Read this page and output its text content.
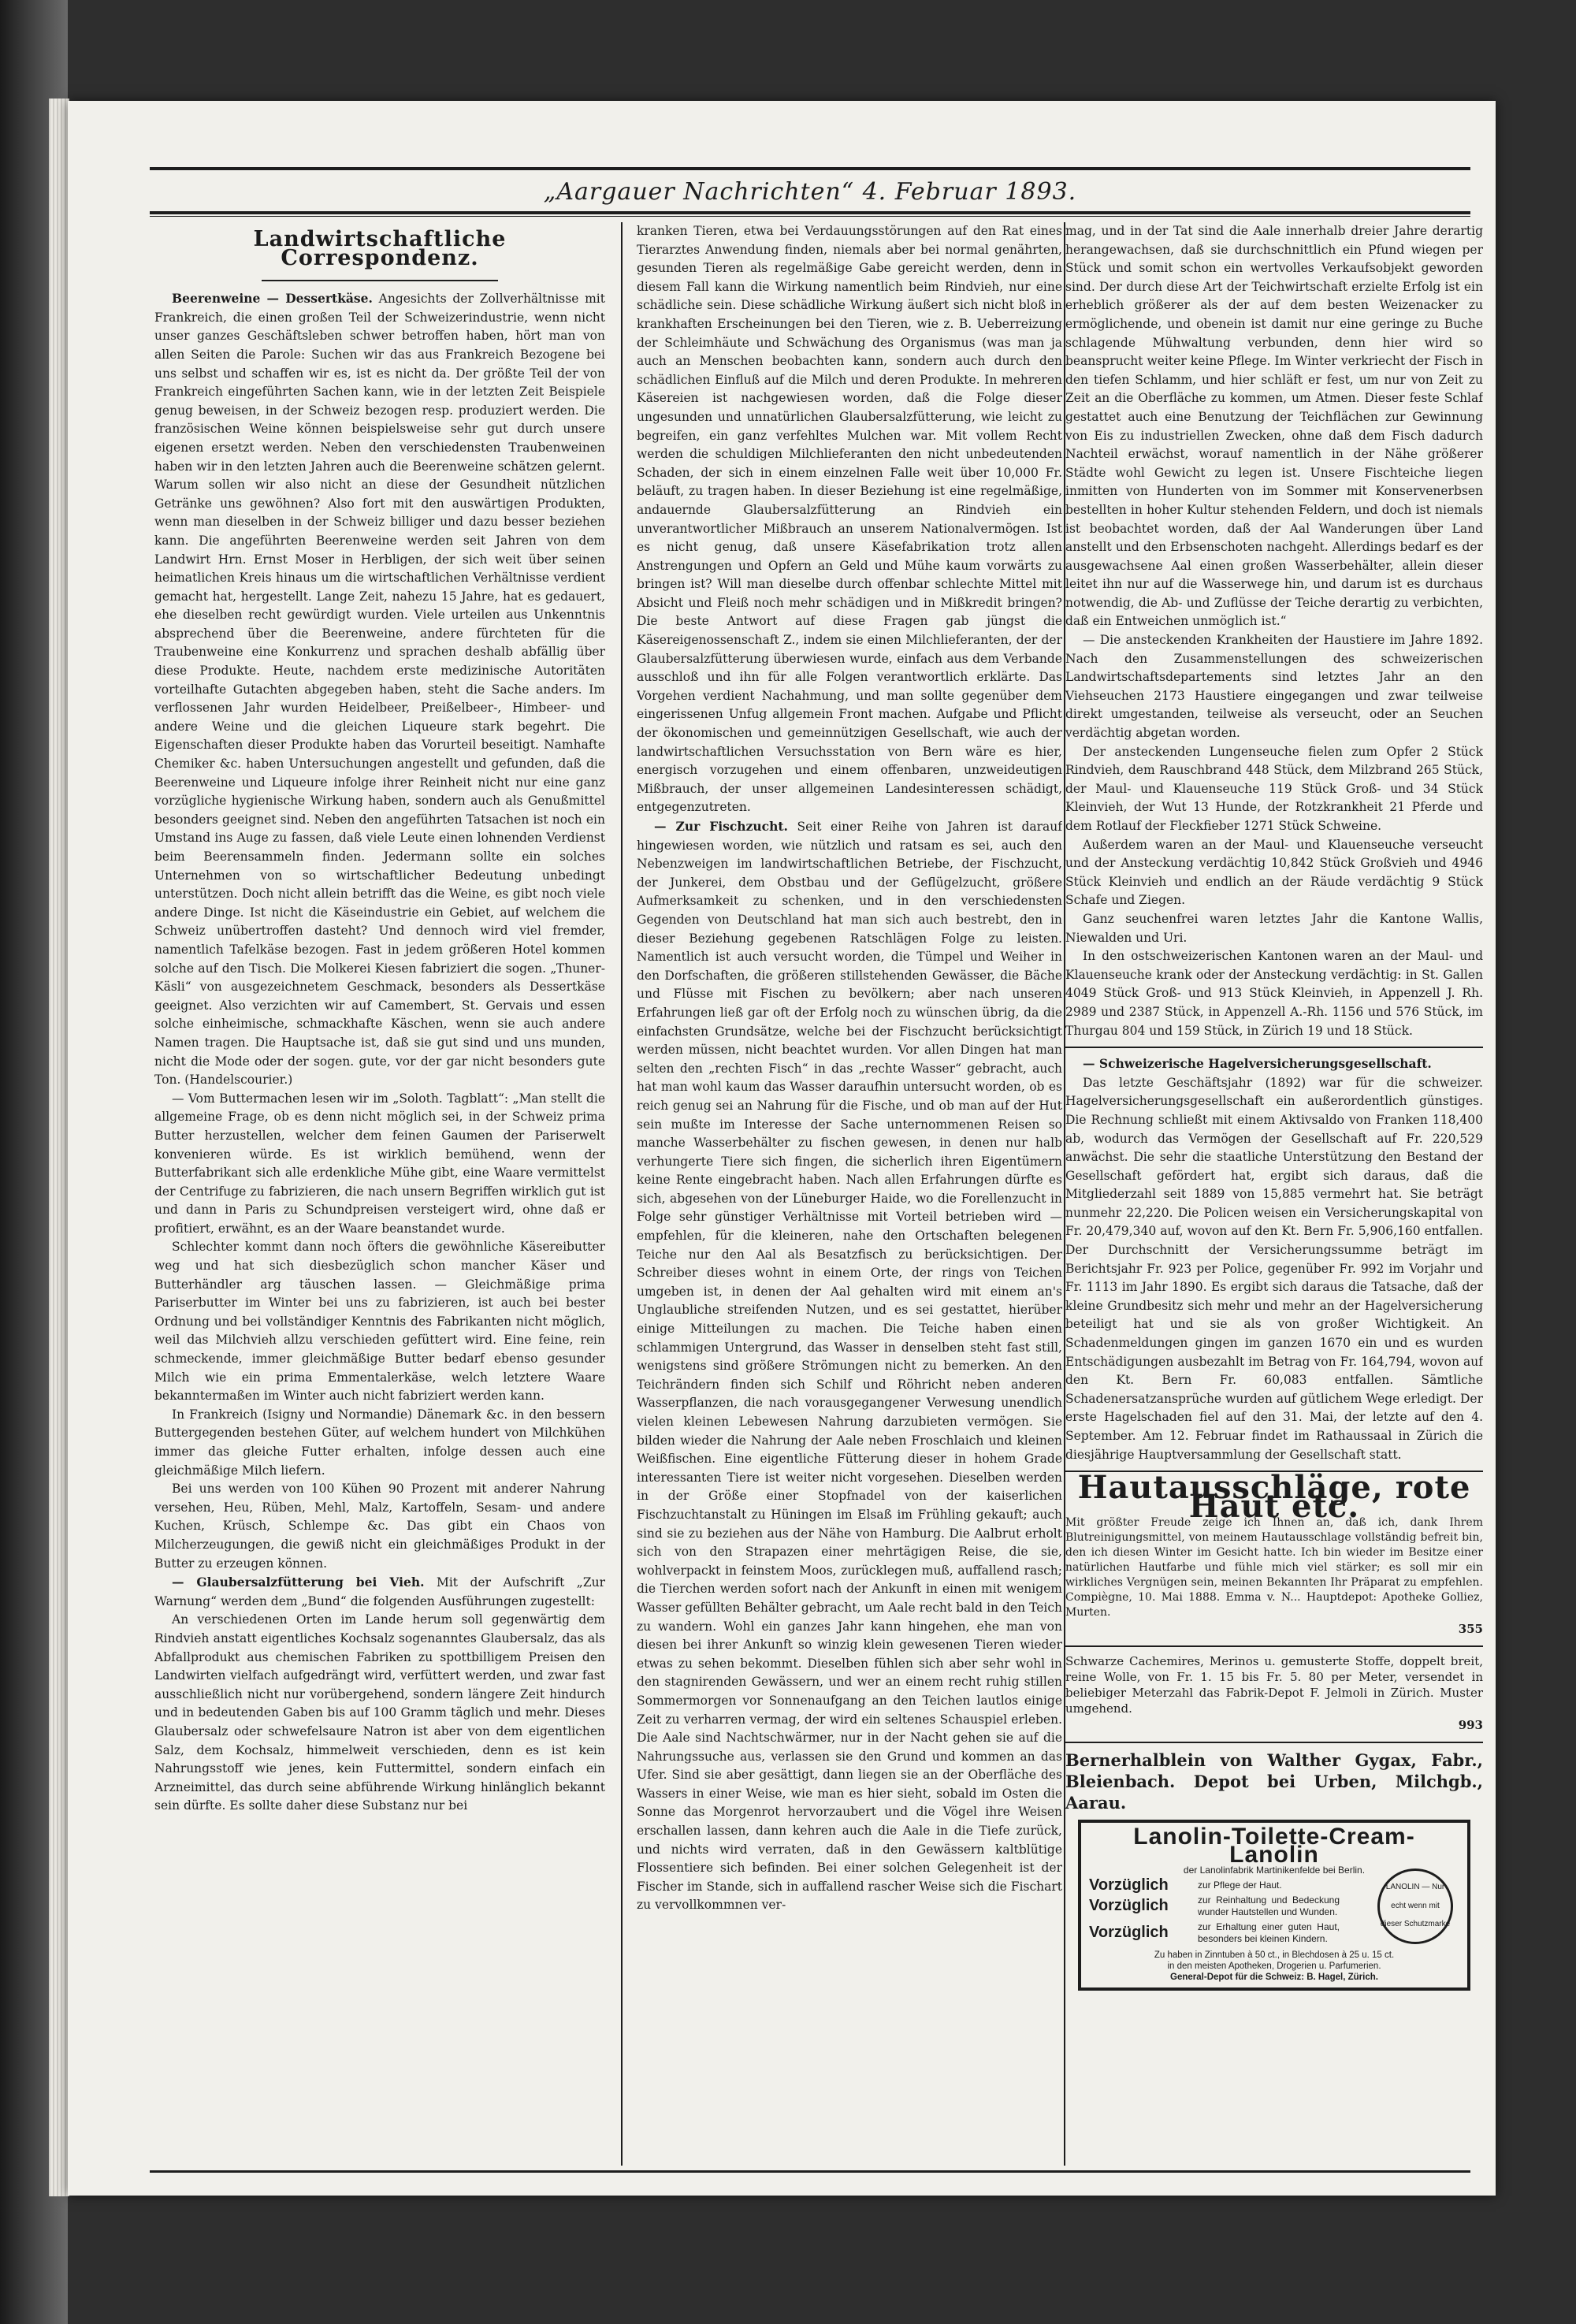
„Aargauer Nachrichten“ 4. Februar 1893.

Landwirtschaftliche Correspondenz.

Beerenweine — Dessertkäse. Angesichts der Zollverhältnisse mit Frankreich, die einen großen Teil der Schweizerindustrie, wenn nicht unser ganzes Geschäftsleben schwer betroffen haben, hört man von allen Seiten die Parole: Suchen wir das aus Frankreich Bezogene bei uns selbst und schaffen wir es, ist es nicht da. Der größte Teil der von Frankreich eingeführten Sachen kann, wie in der letzten Zeit Beispiele genug beweisen, in der Schweiz bezogen resp. produziert werden. Die französischen Weine können beispielsweise sehr gut durch unsere eigenen ersetzt werden. Neben den verschiedensten Traubenweinen haben wir in den letzten Jahren auch die Beerenweine schätzen gelernt. Warum sollen wir also nicht an diese der Gesundheit nützlichen Getränke uns gewöhnen? Also fort mit den auswärtigen Produkten, wenn man dieselben in der Schweiz billiger und dazu besser beziehen kann. Die angeführten Beerenweine werden seit Jahren von dem Landwirt Hrn. Ernst Moser in Herbligen, der sich weit über seinen heimatlichen Kreis hinaus um die wirtschaftlichen Verhältnisse verdient gemacht hat, hergestellt. Lange Zeit, nahezu 15 Jahre, hat es gedauert, ehe dieselben recht gewürdigt wurden. Viele urteilen aus Unkenntnis absprechend über die Beerenweine, andere fürchteten für die Traubenweine eine Konkurrenz und sprachen deshalb abfällig über diese Produkte. Heute, nachdem erste medizinische Autoritäten vorteilhafte Gutachten abgegeben haben, steht die Sache anders. Im verflossenen Jahr wurden Heidelbeer, Preißelbeer-, Himbeer- und andere Weine und die gleichen Liqueure stark begehrt. Die Eigenschaften dieser Produkte haben das Vorurteil beseitigt. Namhafte Chemiker &c. haben Untersuchungen angestellt und gefunden, daß die Beerenweine und Liqueure infolge ihrer Reinheit nicht nur eine ganz vorzügliche hygienische Wirkung haben, sondern auch als Genußmittel besonders geeignet sind. Neben den angeführten Tatsachen ist noch ein Umstand ins Auge zu fassen, daß viele Leute einen lohnenden Verdienst beim Beerensammeln finden. Jedermann sollte ein solches Unternehmen von so wirtschaftlicher Bedeutung unbedingt unterstützen. Doch nicht allein betrifft das die Weine, es gibt noch viele andere Dinge. Ist nicht die Käseindustrie ein Gebiet, auf welchem die Schweiz unübertroffen dasteht? Und dennoch wird viel fremder, namentlich Tafelkäse bezogen. Fast in jedem größeren Hotel kommen solche auf den Tisch. Die Molkerei Kiesen fabriziert die sogen. „Thuner-Käsli“ von ausgezeichnetem Geschmack, besonders als Dessertkäse geeignet. Also verzichten wir auf Camembert, St. Gervais und essen solche einheimische, schmackhafte Käschen, wenn sie auch andere Namen tragen. Die Hauptsache ist, daß sie gut sind und uns munden, nicht die Mode oder der sogen. gute, vor der gar nicht besonders gute Ton. (Handelscourier.)

— Vom Buttermachen lesen wir im „Soloth. Tagblatt“: „Man stellt die allgemeine Frage, ob es denn nicht möglich sei, in der Schweiz prima Butter herzustellen, welcher dem feinen Gaumen der Pariserwelt konvenieren würde. Es ist wirklich bemühend, wenn der Butterfabrikant sich alle erdenkliche Mühe gibt, eine Waare vermittelst der Centrifuge zu fabrizieren, die nach unsern Begriffen wirklich gut ist und dann in Paris zu Schundpreisen versteigert wird, ohne daß er profitiert, erwähnt, es an der Waare beanstandet wurde.

Schlechter kommt dann noch öfters die gewöhnliche Käsereibutter weg und hat sich diesbezüglich schon mancher Käser und Butterhändler arg täuschen lassen. — Gleichmäßige prima Pariserbutter im Winter bei uns zu fabrizieren, ist auch bei bester Ordnung und bei vollständiger Kenntnis des Fabrikanten nicht möglich, weil das Milchvieh allzu verschieden gefüttert wird. Eine feine, rein schmeckende, immer gleichmäßige Butter bedarf ebenso gesunder Milch wie ein prima Emmentalerkäse, welch letztere Waare bekanntermaßen im Winter auch nicht fabriziert werden kann.

In Frankreich (Isigny und Normandie) Dänemark &c. in den bessern Buttergegenden bestehen Güter, auf welchem hundert von Milchkühen immer das gleiche Futter erhalten, infolge dessen auch eine gleichmäßige Milch liefern.

Bei uns werden von 100 Kühen 90 Prozent mit anderer Nahrung versehen, Heu, Rüben, Mehl, Malz, Kartoffeln, Sesam- und andere Kuchen, Krüsch, Schlempe &c. Das gibt ein Chaos von Milcherzeugungen, die gewiß nicht ein gleichmäßiges Produkt in der Butter zu erzeugen können.

— Glaubersalzfütterung bei Vieh. Mit der Aufschrift „Zur Warnung“ werden dem „Bund“ die folgenden Ausführungen zugestellt:

An verschiedenen Orten im Lande herum soll gegenwärtig dem Rindvieh anstatt eigentliches Kochsalz sogenanntes Glaubersalz, das als Abfallprodukt aus chemischen Fabriken zu spottbilligem Preisen den Landwirten vielfach aufgedrängt wird, verfüttert werden, und zwar fast ausschließlich nicht nur vorübergehend, sondern längere Zeit hindurch und in bedeutenden Gaben bis auf 100 Gramm täglich und mehr. Dieses Glaubersalz oder schwefelsaure Natron ist aber von dem eigentlichen Salz, dem Kochsalz, himmelweit verschieden, denn es ist kein Nahrungsstoff wie jenes, kein Futtermittel, sondern einfach ein Arzneimittel, das durch seine abführende Wirkung hinlänglich bekannt sein dürfte. Es sollte daher diese Substanz nur bei

kranken Tieren, etwa bei Verdauungsstörungen auf den Rat eines Tierarztes Anwendung finden, niemals aber bei normal genährten, gesunden Tieren als regelmäßige Gabe gereicht werden, denn in diesem Fall kann die Wirkung namentlich beim Rindvieh, nur eine schädliche sein. Diese schädliche Wirkung äußert sich nicht bloß in krankhaften Erscheinungen bei den Tieren, wie z. B. Ueberreizung der Schleimhäute und Schwächung des Organismus (was man ja auch an Menschen beobachten kann, sondern auch durch den schädlichen Einfluß auf die Milch und deren Produkte. In mehreren Käsereien ist nachgewiesen worden, daß die Folge dieser ungesunden und unnatürlichen Glaubersalzfütterung, wie leicht zu begreifen, ein ganz verfehltes Mulchen war. Mit vollem Recht werden die schuldigen Milchlieferanten den nicht unbedeutenden Schaden, der sich in einem einzelnen Falle weit über 10,000 Fr. beläuft, zu tragen haben. In dieser Beziehung ist eine regelmäßige, andauernde Glaubersalzfütterung an Rindvieh ein unverantwortlicher Mißbrauch an unserem Nationalvermögen. Ist es nicht genug, daß unsere Käsefabrikation trotz allen Anstrengungen und Opfern an Geld und Mühe kaum vorwärts zu bringen ist? Will man dieselbe durch offenbar schlechte Mittel mit Absicht und Fleiß noch mehr schädigen und in Mißkredit bringen? Die beste Antwort auf diese Fragen gab jüngst die Käsereigenossenschaft Z., indem sie einen Milchlieferanten, der der Glaubersalzfütterung überwiesen wurde, einfach aus dem Verbande ausschloß und ihn für alle Folgen verantwortlich erklärte. Das Vorgehen verdient Nachahmung, und man sollte gegenüber dem eingerissenen Unfug allgemein Front machen. Aufgabe und Pflicht der ökonomischen und gemeinnützigen Gesellschaft, wie auch der landwirtschaftlichen Versuchsstation von Bern wäre es hier, energisch vorzugehen und einem offenbaren, unzweideutigen Mißbrauch, der unser allgemeinen Landesinteressen schädigt, entgegenzutreten.

— Zur Fischzucht. Seit einer Reihe von Jahren ist darauf hingewiesen worden, wie nützlich und ratsam es sei, auch den Nebenzweigen im landwirtschaftlichen Betriebe, der Fischzucht, der Junkerei, dem Obstbau und der Geflügelzucht, größere Aufmerksamkeit zu schenken, und in den verschiedensten Gegenden von Deutschland hat man sich auch bestrebt, den in dieser Beziehung gegebenen Ratschlägen Folge zu leisten. Namentlich ist auch versucht worden, die Tümpel und Weiher in den Dorfschaften, die größeren stillstehenden Gewässer, die Bäche und Flüsse mit Fischen zu bevölkern; aber nach unseren Erfahrungen ließ gar oft der Erfolg noch zu wünschen übrig, da die einfachsten Grundsätze, welche bei der Fischzucht berücksichtigt werden müssen, nicht beachtet wurden. Vor allen Dingen hat man selten den „rechten Fisch“ in das „rechte Wasser“ gebracht, auch hat man wohl kaum das Wasser daraufhin untersucht worden, ob es reich genug sei an Nahrung für die Fische, und ob man auf der Hut sein mußte im Interesse der Sache unternommenen Reisen so manche Wasserbehälter zu fischen gewesen, in denen nur halb verhungerte Tiere sich fingen, die sicherlich ihren Eigentümern keine Rente eingebracht haben. Nach allen Erfahrungen dürfte es sich, abgesehen von der Lüneburger Haide, wo die Forellenzucht in Folge sehr günstiger Verhältnisse mit Vorteil betrieben wird — empfehlen, für die kleineren, nahe den Ortschaften belegenen Teiche nur den Aal als Besatzfisch zu berücksichtigen. Der Schreiber dieses wohnt in einem Orte, der rings von Teichen umgeben ist, in denen der Aal gehalten wird mit einem an's Unglaubliche streifenden Nutzen, und es sei gestattet, hierüber einige Mitteilungen zu machen. Die Teiche haben einen schlammigen Untergrund, das Wasser in denselben steht fast still, wenigstens sind größere Strömungen nicht zu bemerken. An den Teichrändern finden sich Schilf und Röhricht neben anderen Wasserpflanzen, die nach vorausgegangener Verwesung unendlich vielen kleinen Lebewesen Nahrung darzubieten vermögen. Sie bilden wieder die Nahrung der Aale neben Froschlaich und kleinen Weißfischen. Eine eigentliche Fütterung dieser in hohem Grade interessanten Tiere ist weiter nicht vorgesehen. Dieselben werden in der Größe einer Stopfnadel von der kaiserlichen Fischzuchtanstalt zu Hüningen im Elsaß im Frühling gekauft; auch sind sie zu beziehen aus der Nähe von Hamburg. Die Aalbrut erholt sich von den Strapazen einer mehrtägigen Reise, die sie, wohlverpackt in feinstem Moos, zurücklegen muß, auffallend rasch; die Tierchen werden sofort nach der Ankunft in einen mit wenigem Wasser gefüllten Behälter gebracht, um Aale recht bald in den Teich zu wandern. Wohl ein ganzes Jahr kann hingehen, ehe man von diesen bei ihrer Ankunft so winzig klein gewesenen Tieren wieder etwas zu sehen bekommt. Dieselben fühlen sich aber sehr wohl in den stagnirenden Gewässern, und wer an einem recht ruhig stillen Sommermorgen vor Sonnenaufgang an den Teichen lautlos einige Zeit zu verharren vermag, der wird ein seltenes Schauspiel erleben. Die Aale sind Nachtschwärmer, nur in der Nacht gehen sie auf die Nahrungssuche aus, verlassen sie den Grund und kommen an das Ufer. Sind sie aber gesättigt, dann liegen sie an der Oberfläche des Wassers in einer Weise, wie man es hier sieht, sobald im Osten die Sonne das Morgenrot hervorzaubert und die Vögel ihre Weisen erschallen lassen, dann kehren auch die Aale in die Tiefe zurück, und nichts wird verraten, daß in den Gewässern kaltblütige Flossentiere sich befinden. Bei einer solchen Gelegenheit ist der Fischer im Stande, sich in auffallend rascher Weise sich die Fischart zu vervollkommnen ver-

mag, und in der Tat sind die Aale innerhalb dreier Jahre derartig herangewachsen, daß sie durchschnittlich ein Pfund wiegen per Stück und somit schon ein wertvolles Verkaufsobjekt geworden sind. Der durch diese Art der Teichwirtschaft erzielte Erfolg ist ein erheblich größerer als der auf dem besten Weizenacker zu ermöglichende, und obenein ist damit nur eine geringe zu Buche schlagende Mühwaltung verbunden, denn hier wird so beansprucht weiter keine Pflege. Im Winter verkriecht der Fisch in den tiefen Schlamm, und hier schläft er fest, um nur von Zeit zu Zeit an die Oberfläche zu kommen, um Atmen. Dieser feste Schlaf gestattet auch eine Benutzung der Teichflächen zur Gewinnung von Eis zu industriellen Zwecken, ohne daß dem Fisch dadurch Nachteil erwächst, worauf namentlich in der Nähe größerer Städte wohl Gewicht zu legen ist. Unsere Fischteiche liegen inmitten von Hunderten von im Sommer mit Konservenerbsen bestellten in hoher Kultur stehenden Feldern, und doch ist niemals ist beobachtet worden, daß der Aal Wanderungen über Land anstellt und den Erbsenschoten nachgeht. Allerdings bedarf es der ausgewachsene Aal einen großen Wasserbehälter, allein dieser leitet ihn nur auf die Wasserwege hin, und darum ist es durchaus notwendig, die Ab- und Zuflüsse der Teiche derartig zu verbichten, daß ein Entweichen unmöglich ist.“

— Die ansteckenden Krankheiten der Haustiere im Jahre 1892. Nach den Zusammenstellungen des schweizerischen Landwirtschaftsdepartements sind letztes Jahr an den Viehseuchen 2173 Haustiere eingegangen und zwar teilweise direkt umgestanden, teilweise als verseucht, oder an Seuchen verdächtig abgetan worden.

Der ansteckenden Lungenseuche fielen zum Opfer 2 Stück Rindvieh, dem Rauschbrand 448 Stück, dem Milzbrand 265 Stück, der Maul- und Klauenseuche 119 Stück Groß- und 34 Stück Kleinvieh, der Wut 13 Hunde, der Rotzkrankheit 21 Pferde und dem Rotlauf der Fleckfieber 1271 Stück Schweine.

Außerdem waren an der Maul- und Klauenseuche verseucht und der Ansteckung verdächtig 10,842 Stück Großvieh und 4946 Stück Kleinvieh und endlich an der Räude verdächtig 9 Stück Schafe und Ziegen.

Ganz seuchenfrei waren letztes Jahr die Kantone Wallis, Niewalden und Uri.

In den ostschweizerischen Kantonen waren an der Maul- und Klauenseuche krank oder der Ansteckung verdächtig: in St. Gallen 4049 Stück Groß- und 913 Stück Kleinvieh, in Appenzell J. Rh. 2989 und 2387 Stück, in Appenzell A.-Rh. 1156 und 576 Stück, im Thurgau 804 und 159 Stück, in Zürich 19 und 18 Stück.

— Schweizerische Hagelversicherungsgesellschaft.

Das letzte Geschäftsjahr (1892) war für die schweizer. Hagelversicherungsgesellschaft ein außerordentlich günstiges. Die Rechnung schließt mit einem Aktivsaldo von Franken 118,400 ab, wodurch das Vermögen der Gesellschaft auf Fr. 220,529 anwächst. Die sehr die staatliche Unterstützung den Bestand der Gesellschaft gefördert hat, ergibt sich daraus, daß die Mitgliederzahl seit 1889 von 15,885 vermehrt hat. Sie beträgt nunmehr 22,220. Die Policen weisen ein Versicherungskapital von Fr. 20,479,340 auf, wovon auf den Kt. Bern Fr. 5,906,160 entfallen. Der Durchschnitt der Versicherungssumme beträgt im Berichtsjahr Fr. 923 per Police, gegenüber Fr. 992 im Vorjahr und Fr. 1113 im Jahr 1890. Es ergibt sich daraus die Tatsache, daß der kleine Grundbesitz sich mehr und mehr an der Hagelversicherung beteiligt hat und sie als von großer Wichtigkeit. An Schadenmeldungen gingen im ganzen 1670 ein und es wurden Entschädigungen ausbezahlt im Betrag von Fr. 164,794, wovon auf den Kt. Bern Fr. 60,083 entfallen. Sämtliche Schadenersatzansprüche wurden auf gütlichem Wege erledigt. Der erste Hagelschaden fiel auf den 31. Mai, der letzte auf den 4. September. Am 12. Februar findet im Rathaussaal in Zürich die diesjährige Hauptversammlung der Gesellschaft statt.

Hautausschläge, rote Haut etc.

Mit größter Freude zeige ich Ihnen an, daß ich, dank Ihrem Blutreinigungsmittel, von meinem Hautausschlage vollständig befreit bin, den ich diesen Winter im Gesicht hatte. Ich bin wieder im Besitze einer natürlichen Hautfarbe und fühle mich viel stärker; es soll mir ein wirkliches Vergnügen sein, meinen Bekannten Ihr Präparat zu empfehlen. Compiègne, 10. Mai 1888. Emma v. N... Hauptdepot: Apotheke Golliez, Murten.

355

Schwarze Cachemires, Merinos u. gemusterte Stoffe, doppelt breit, reine Wolle, von Fr. 1. 15 bis Fr. 5. 80 per Meter, versendet in beliebiger Meterzahl das Fabrik-Depot F. Jelmoli in Zürich. Muster umgehend.

993

Bernerhalblein von Walther Gygax, Fabr., Bleienbach. Depot bei Urben, Milchgb., Aarau.

Lanolin-Toilette-Cream-Lanolin
der Lanolinfabrik Martinikenfelde bei Berlin.
Vorzüglich	zur Pflege der Haut.
Vorzüglich	zur Reinhaltung und Bedeckung wunder Hautstellen und Wunden.
Vorzüglich	zur Erhaltung einer guten Haut, besonders bei kleinen Kindern.
LANOLIN — Nur echt wenn mit dieser Schutzmarke
Zu haben in Zinntuben à 50 ct., in Blechdosen à 25 u. 15 ct.
in den meisten Apotheken, Drogerien u. Parfumerien.
General-Depot für die Schweiz: B. Hagel, Zürich.
